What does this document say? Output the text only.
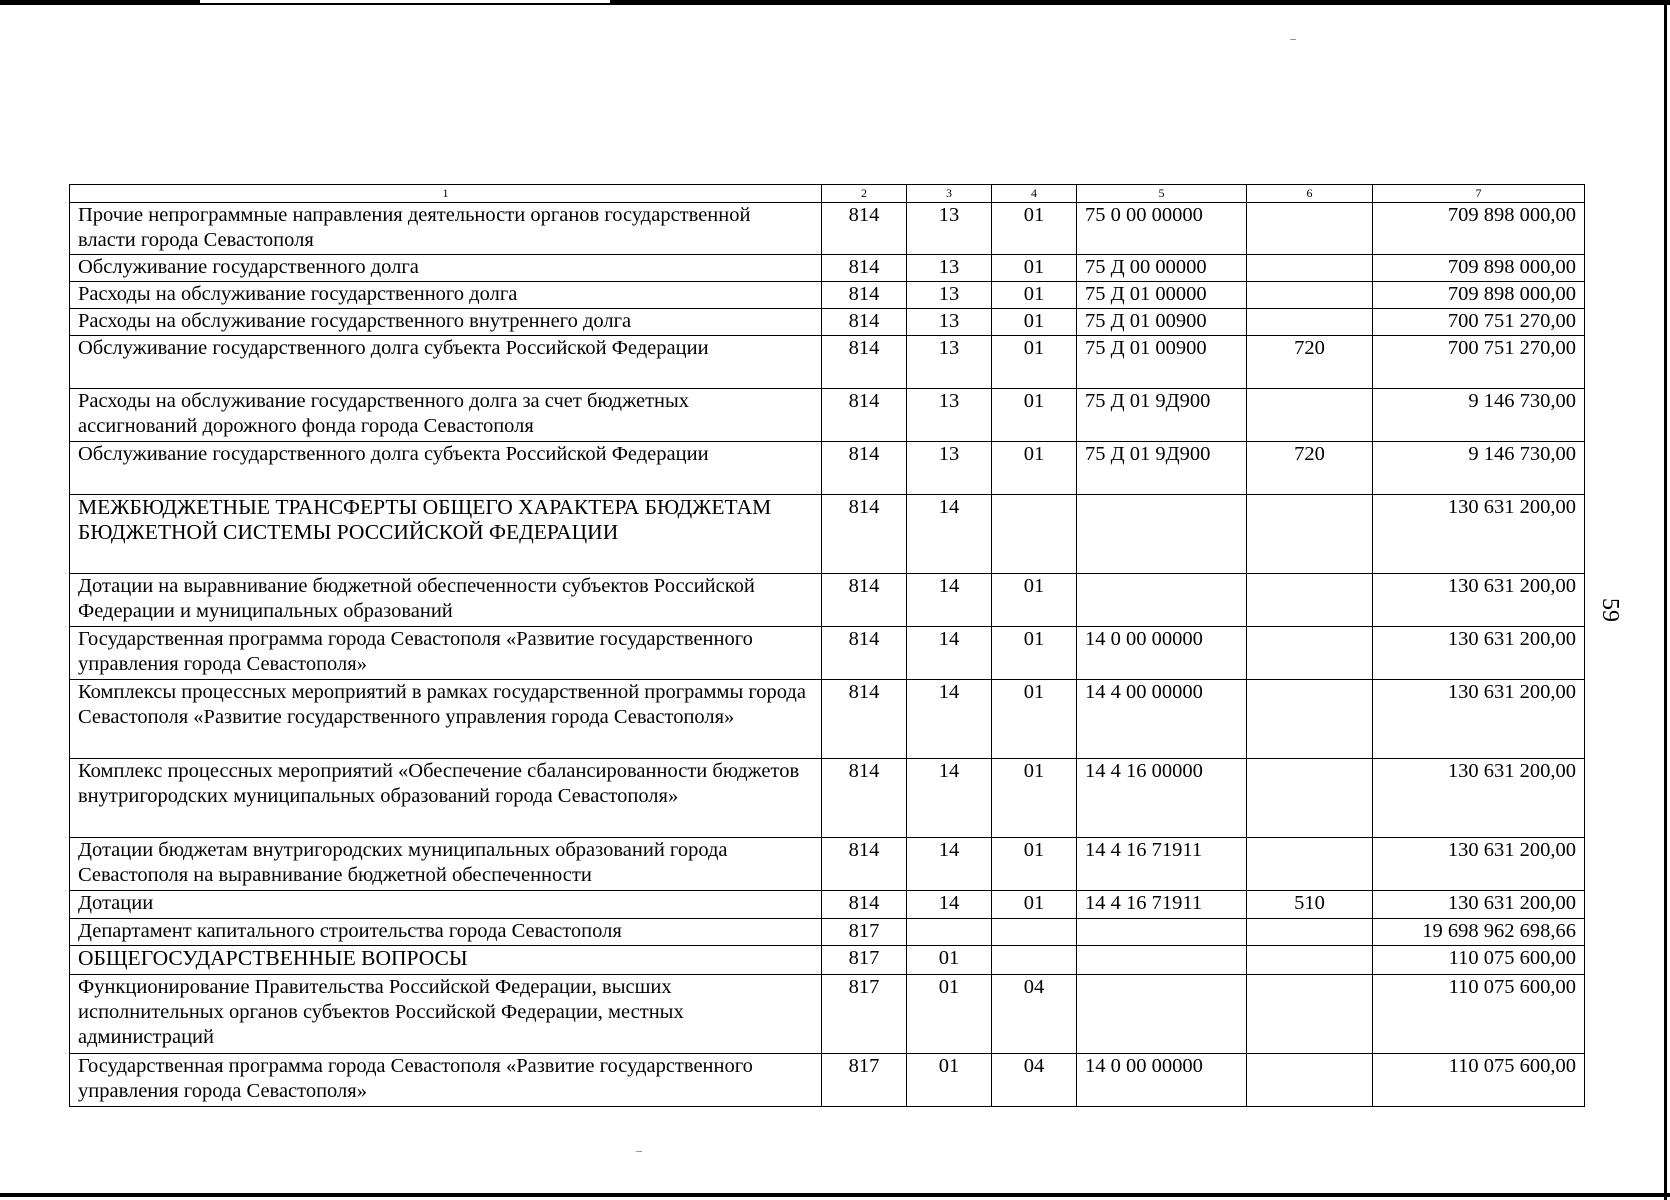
59
1	2	3	4	5	6	7
Прочие непрограммные направления деятельности органов государственной власти города Севастополя	814	13	01	75 0 00 00000		709 898 000,00
Обслуживание государственного долга	814	13	01	75 Д 00 00000		709 898 000,00
Расходы на обслуживание государственного долга	814	13	01	75 Д 01 00000		709 898 000,00
Расходы на обслуживание государственного внутреннего долга	814	13	01	75 Д 01 00900		700 751 270,00
Обслуживание государственного долга субъекта Российской Федерации	814	13	01	75 Д 01 00900	720	700 751 270,00
Расходы на обслуживание государственного долга за счет бюджетных ассигнований дорожного фонда города Севастополя	814	13	01	75 Д 01 9Д900		9 146 730,00
Обслуживание государственного долга субъекта Российской Федерации	814	13	01	75 Д 01 9Д900	720	9 146 730,00
МЕЖБЮДЖЕТНЫЕ ТРАНСФЕРТЫ ОБЩЕГО ХАРАКТЕРА БЮДЖЕТАМ БЮДЖЕТНОЙ СИСТЕМЫ РОССИЙСКОЙ ФЕДЕРАЦИИ	814	14				130 631 200,00
Дотации на выравнивание бюджетной обеспеченности субъектов Российской Федерации и муниципальных образований	814	14	01			130 631 200,00
Государственная программа города Севастополя «Развитие государственного управления города Севастополя»	814	14	01	14 0 00 00000		130 631 200,00
Комплексы процессных мероприятий в рамках государственной программы города Севастополя «Развитие государственного управления города Севастополя»	814	14	01	14 4 00 00000		130 631 200,00
Комплекс процессных мероприятий «Обеспечение сбалансированности бюджетов внутригородских муниципальных образований города Севастополя»	814	14	01	14 4 16 00000		130 631 200,00
Дотации бюджетам внутригородских муниципальных образований города Севастополя на выравнивание бюджетной обеспеченности	814	14	01	14 4 16 71911		130 631 200,00
Дотации	814	14	01	14 4 16 71911	510	130 631 200,00
Департамент капитального строительства города Севастополя	817					19 698 962 698,66
ОБЩЕГОСУДАРСТВЕННЫЕ ВОПРОСЫ	817	01				110 075 600,00
Функционирование Правительства Российской Федерации, высших исполнительных органов субъектов Российской Федерации, местных администраций	817	01	04			110 075 600,00
Государственная программа города Севастополя «Развитие государственного управления города Севастополя»	817	01	04	14 0 00 00000		110 075 600,00
